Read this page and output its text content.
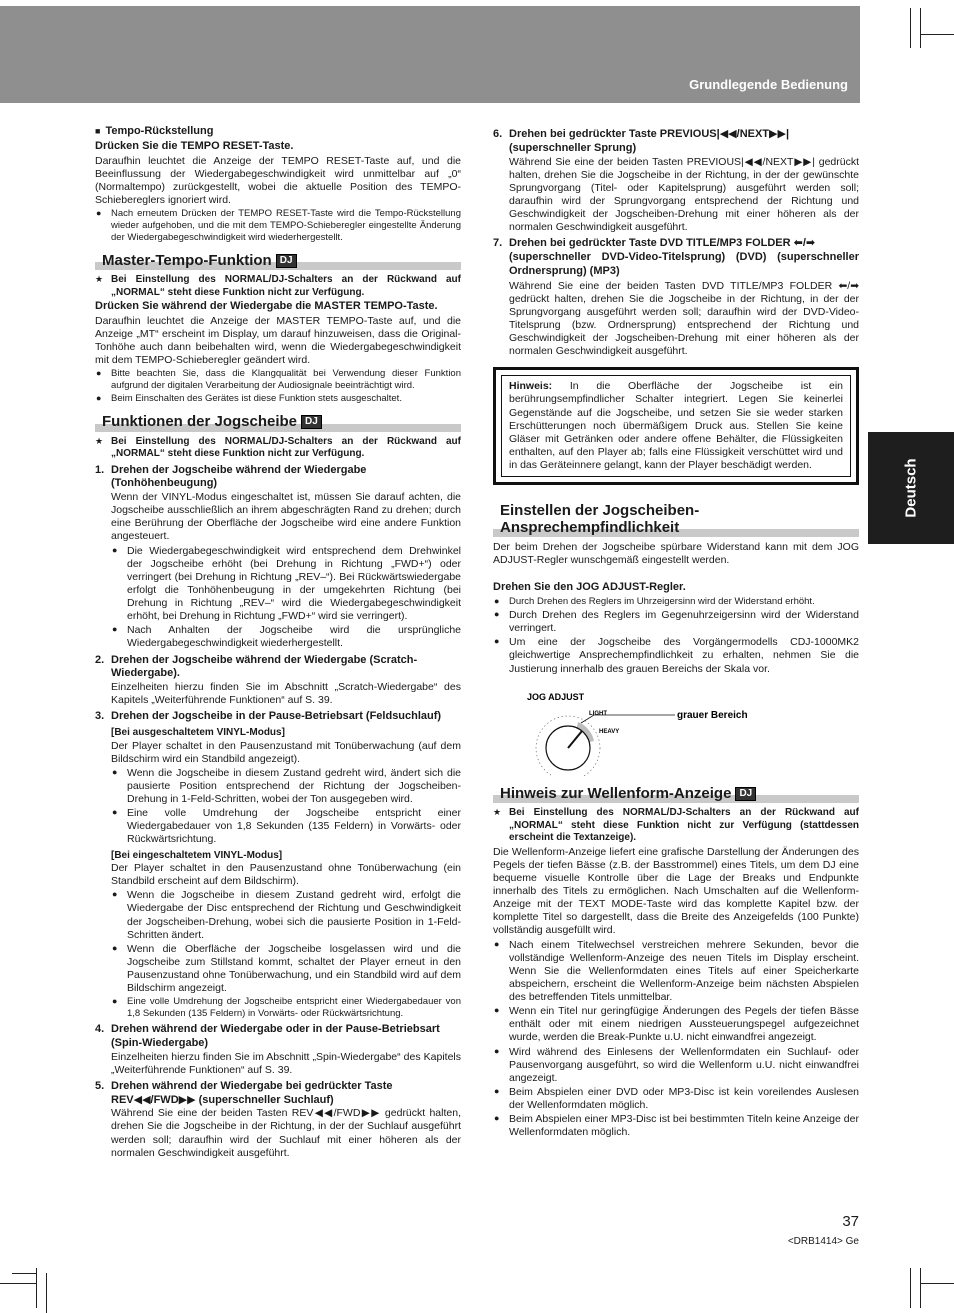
Grundlegende Bedienung
Deutsch

■ Tempo-Rückstellung

Drücken Sie die TEMPO RESET-Taste.

Daraufhin leuchtet die Anzeige der TEMPO RESET-Taste auf, und die Beeinflussung der Wiedergabegeschwindigkeit wird unmittelbar auf „0“ (Normaltempo) zurückgestellt, wobei die aktuelle Position des TEMPO-Schiebereglers ignoriert wird.

● Nach erneutem Drücken der TEMPO RESET-Taste wird die Tempo-Rückstellung wieder aufgehoben, und die mit dem TEMPO-Schieberegler eingestellte Änderung der Wiedergabegeschwindigkeit wird wiederhergestellt.

Master-Tempo-Funktion DJ

★ Bei Einstellung des NORMAL/DJ-Schalters an der Rückwand auf „NORMAL“ steht diese Funktion nicht zur Verfügung.

Drücken Sie während der Wiedergabe die MASTER TEMPO-Taste.

Daraufhin leuchtet die Anzeige der MASTER TEMPO-Taste auf, und die Anzeige „MT“ erscheint im Display, um darauf hinzuweisen, dass die Original-Tonhöhe auch dann beibehalten wird, wenn die Wiedergabegeschwindigkeit mit dem TEMPO-Schieberegler geändert wird.

● Bitte beachten Sie, dass die Klangqualität bei Verwendung dieser Funktion aufgrund der digitalen Verarbeitung der Audiosignale beeinträchtigt wird.

● Beim Einschalten des Gerätes ist diese Funktion stets ausgeschaltet.

Funktionen der Jogscheibe DJ

★ Bei Einstellung des NORMAL/DJ-Schalters an der Rückwand auf „NORMAL“ steht diese Funktion nicht zur Verfügung.

1. Drehen der Jogscheibe während der Wiedergabe (Tonhöhenbeugung)

Wenn der VINYL-Modus eingeschaltet ist, müssen Sie darauf achten, die Jogscheibe ausschließlich an ihrem abgeschrägten Rand zu drehen; durch eine Berührung der Oberfläche der Jogscheibe wird eine andere Funktion angesteuert.

● Die Wiedergabegeschwindigkeit wird entsprechend dem Drehwinkel der Jogscheibe erhöht (bei Drehung in Richtung „FWD+“) oder verringert (bei Drehung in Richtung „REV–“). Bei Rückwärtswiedergabe erfolgt die Tonhöhenbeugung in der umgekehrten Richtung (bei Drehung in Richtung „REV–“ wird die Wiedergabegeschwindigkeit erhöht, bei Drehung in Richtung „FWD+“ wird sie verringert).

● Nach Anhalten der Jogscheibe wird die ursprüngliche Wiedergabegeschwindigkeit wiederhergestellt.

2. Drehen der Jogscheibe während der Wiedergabe (Scratch-Wiedergabe).

Einzelheiten hierzu finden Sie im Abschnitt „Scratch-Wiedergabe“ des Kapitels „Weiterführende Funktionen“ auf S. 39.

3. Drehen der Jogscheibe in der Pause-Betriebsart (Feldsuchlauf)

[Bei ausgeschaltetem VINYL-Modus]

Der Player schaltet in den Pausenzustand mit Tonüberwachung (auf dem Bildschirm wird ein Standbild angezeigt).

● Wenn die Jogscheibe in diesem Zustand gedreht wird, ändert sich die pausierte Position entsprechend der Richtung der Jogscheiben-Drehung in 1-Feld-Schritten, wobei der Ton ausgegeben wird.

● Eine volle Umdrehung der Jogscheibe entspricht einer Wiedergabedauer von 1,8 Sekunden (135 Feldern) in Vorwärts- oder Rückwärtsrichtung.

[Bei eingeschaltetem VINYL-Modus]

Der Player schaltet in den Pausenzustand ohne Tonüberwachung (ein Standbild erscheint auf dem Bildschirm).

● Wenn die Jogscheibe in diesem Zustand gedreht wird, erfolgt die Wiedergabe der Disc entsprechend der Richtung und Geschwindigkeit der Jogscheiben-Drehung, wobei sich die pausierte Position in 1-Feld-Schritten ändert.

● Wenn die Oberfläche der Jogscheibe losgelassen wird und die Jogscheibe zum Stillstand kommt, schaltet der Player erneut in den Pausenzustand ohne Tonüberwachung, und ein Standbild wird auf dem Bildschirm angezeigt.

● Eine volle Umdrehung der Jogscheibe entspricht einer Wiedergabedauer von 1,8 Sekunden (135 Feldern) in Vorwärts- oder Rückwärtsrichtung.

4. Drehen während der Wiedergabe oder in der Pause-Betriebsart (Spin-Wiedergabe)

Einzelheiten hierzu finden Sie im Abschnitt „Spin-Wiedergabe“ des Kapitels „Weiterführende Funktionen“ auf S. 39.

5. Drehen während der Wiedergabe bei gedrückter Taste REV◀◀/FWD▶▶ (superschneller Suchlauf)

Während Sie eine der beiden Tasten REV◀◀/FWD▶▶ gedrückt halten, drehen Sie die Jogscheibe in der Richtung, in der der Suchlauf ausgeführt werden soll; daraufhin wird der Suchlauf mit einer höheren als der normalen Geschwindigkeit ausgeführt.

6. Drehen bei gedrückter Taste PREVIOUS|◀◀/NEXT▶▶| (superschneller Sprung)

Während Sie eine der beiden Tasten PREVIOUS|◀◀/NEXT▶▶| gedrückt halten, drehen Sie die Jogscheibe in der Richtung, in der der gewünschte Sprungvorgang (Titel- oder Kapitelsprung) ausgeführt werden soll; daraufhin wird der Sprungvorgang entsprechend der Richtung und Geschwindigkeit der Jogscheiben-Drehung mit einer höheren als der normalen Geschwindigkeit ausgeführt.

7. Drehen bei gedrückter Taste DVD TITLE/MP3 FOLDER ⬅/➡

(superschneller DVD-Video-Titelsprung) (DVD) (superschneller Ordnersprung) (MP3)

Während Sie eine der beiden Tasten DVD TITLE/MP3 FOLDER ⬅/➡ gedrückt halten, drehen Sie die Jogscheibe in der Richtung, in der der Sprungvorgang ausgeführt werden soll; daraufhin wird der DVD-Video-Titelsprung (bzw. Ordnersprung) entsprechend der Richtung und Geschwindigkeit der Jogscheiben-Drehung mit einer höheren als der normalen Geschwindigkeit ausgeführt.

Hinweis: In die Oberfläche der Jogscheibe ist ein berührungsempfindlicher Schalter integriert. Legen Sie keinerlei Gegenstände auf die Jogscheibe, und setzen Sie sie weder starken Erschütterungen noch übermäßigem Druck aus. Stellen Sie keine Gläser mit Getränken oder andere offene Behälter, die Flüssigkeiten enthalten, auf den Player ab; falls eine Flüssigkeit verschüttet wird und in das Geräteinnere gelangt, kann der Player beschädigt werden.
Einstellen der Jogscheiben-Ansprechempfindlichkeit

Der beim Drehen der Jogscheibe spürbare Widerstand kann mit dem JOG ADJUST-Regler wunschgemäß eingestellt werden.

Drehen Sie den JOG ADJUST-Regler.

● Durch Drehen des Reglers im Uhrzeigersinn wird der Widerstand erhöht.

● Durch Drehen des Reglers im Gegenuhrzeigersinn wird der Widerstand verringert.

● Um eine der Jogscheibe des Vorgängermodells CDJ-1000MK2 gleichwertige Ansprechempfindlichkeit zu erhalten, nehmen Sie die Justierung innerhalb des grauen Bereichs der Skala vor.

JOG ADJUST
LIGHT
HEAVY
grauer Bereich
Hinweis zur Wellenform-Anzeige DJ

★ Bei Einstellung des NORMAL/DJ-Schalters an der Rückwand auf „NORMAL“ steht diese Funktion nicht zur Verfügung (stattdessen erscheint die Textanzeige).

Die Wellenform-Anzeige liefert eine grafische Darstellung der Änderungen des Pegels der tiefen Bässe (z.B. der Basstrommel) eines Titels, um dem DJ eine bequeme visuelle Kontrolle über die Lage der Breaks und Endpunkte innerhalb des Titels zu ermöglichen. Nach Umschalten auf die Wellenform-Anzeige mit der TEXT MODE-Taste wird das komplette Kapitel bzw. der komplette Titel so dargestellt, dass die Breite des Anzeigefelds (100 Punkte) vollständig ausgefüllt wird.

● Nach einem Titelwechsel verstreichen mehrere Sekunden, bevor die vollständige Wellenform-Anzeige des neuen Titels im Display erscheint. Wenn Sie die Wellenformdaten eines Titels auf einer Speicherkarte abspeichern, erscheint die Wellenform-Anzeige beim nächsten Abspielen des betreffenden Titels unmittelbar.

● Wenn ein Titel nur geringfügige Änderungen des Pegels der tiefen Bässe enthält oder mit einem niedrigen Aussteuerungspegel aufgezeichnet wurde, werden die Break-Punkte u.U. nicht einwandfrei angezeigt.

● Wird während des Einlesens der Wellenformdaten ein Suchlauf- oder Pausenvorgang ausgeführt, so wird die Wellenform u.U. nicht einwandfrei angezeigt.

● Beim Abspielen einer DVD oder MP3-Disc ist kein voreilendes Auslesen der Wellenformdaten möglich.

● Beim Abspielen einer MP3-Disc ist bei bestimmten Titeln keine Anzeige der Wellenformdaten möglich.

37
<DRB1414> Ge
